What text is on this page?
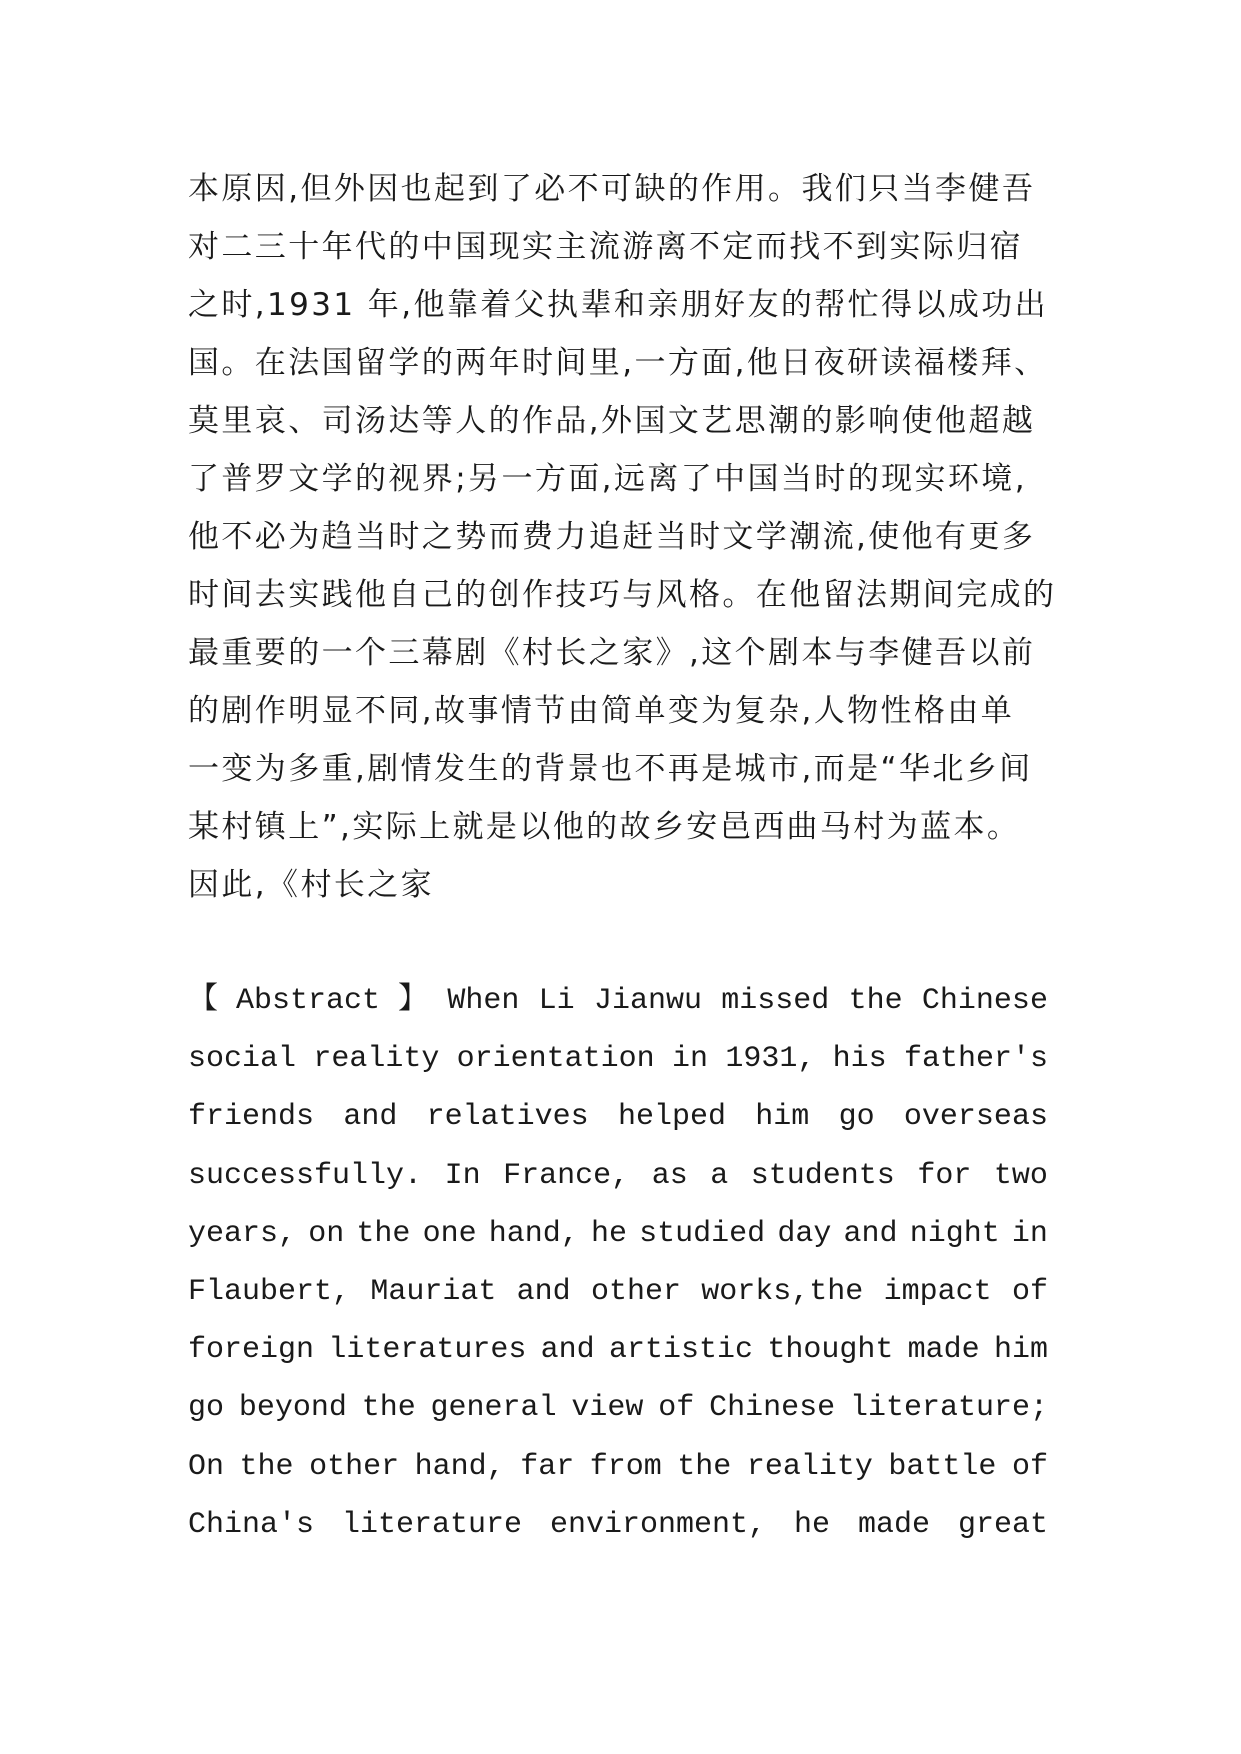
本原因,但外因也起到了必不可缺的作用。我们只当李健吾
对二三十年代的中国现实主流游离不定而找不到实际归宿
之时,1931 年,他靠着父执辈和亲朋好友的帮忙得以成功出
国。在法国留学的两年时间里,一方面,他日夜研读福楼拜、
莫里哀、司汤达等人的作品,外国文艺思潮的影响使他超越
了普罗文学的视界;另一方面,远离了中国当时的现实环境,
他不必为趋当时之势而费力追赶当时文学潮流,使他有更多
时间去实践他自己的创作技巧与风格。在他留法期间完成的
最重要的一个三幕剧《村长之家》,这个剧本与李健吾以前
的剧作明显不同,故事情节由简单变为复杂,人物性格由单
一变为多重,剧情发生的背景也不再是城市,而是“华北乡间
某村镇上”,实际上就是以他的故乡安邑西曲马村为蓝本。
因此,《村长之家
【 Abstract 】 When Li Jianwu missed the Chinese
social reality orientation in 1931, his father's
friends and relatives helped him go overseas
successfully. In France, as a students for two
years, on the one hand, he studied day and night in
Flaubert, Mauriat and other works,the impact of
foreign literatures and artistic thought made him
go beyond the general view of Chinese literature;
On the other hand, far from the reality battle of
China's literature environment, he made great
